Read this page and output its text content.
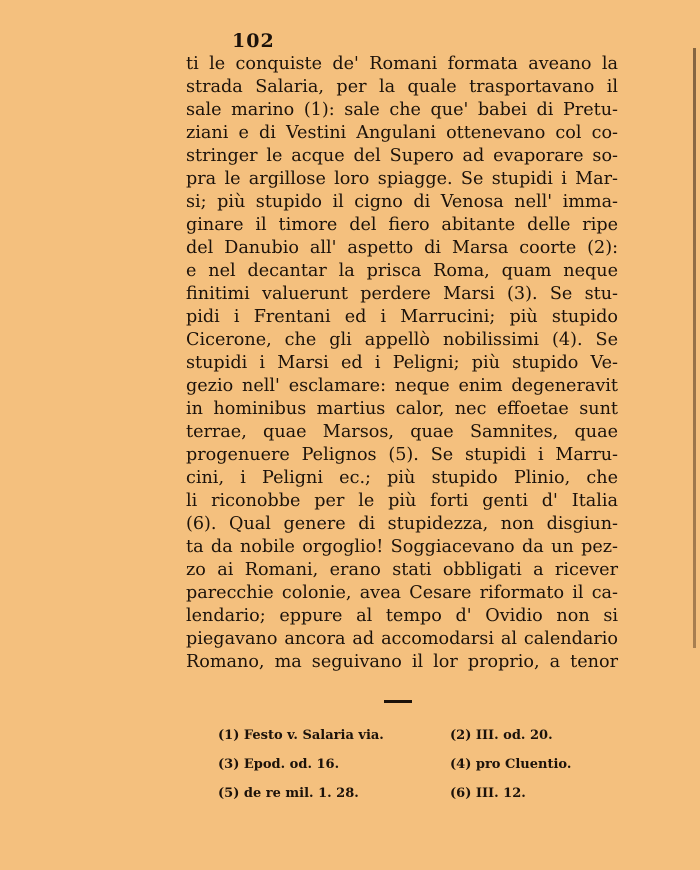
102
ti le conquiste de' Romani formata aveano la
strada Salaria, per la quale trasportavano il
sale marino (1): sale che que' babei di Pretu-
ziani e di Vestini Angulani ottenevano col co-
stringer le acque del Supero ad evaporare so-
pra le argillose loro spiagge. Se stupidi i Mar-
si; più stupido il cigno di Venosa nell' imma-
ginare il timore del fiero abitante delle ripe
del Danubio all' aspetto di Marsa coorte (2):
e nel decantar la prisca Roma, quam neque
finitimi valuerunt perdere Marsi (3). Se stu-
pidi i Frentani ed i Marrucini; più stupido
Cicerone, che gli appellò nobilissimi (4). Se
stupidi i Marsi ed i Peligni; più stupido Ve-
gezio nell' esclamare: neque enim degeneravit
in hominibus martius calor, nec effoetae sunt
terrae, quae Marsos, quae Samnites, quae
progenuere Pelignos (5). Se stupidi i Marru-
cini, i Peligni ec.; più stupido Plinio, che
li riconobbe per le più forti genti d' Italia
(6). Qual genere di stupidezza, non disgiun-
ta da nobile orgoglio! Soggiacevano da un pez-
zo ai Romani, erano stati obbligati a ricever
parecchie colonie, avea Cesare riformato il ca-
lendario; eppure al tempo d' Ovidio non si
piegavano ancora ad accomodarsi al calendario
Romano, ma seguivano il lor proprio, a tenor
(1) Festo v. Salaria via.	(2) III. od. 20.
(3) Epod. od. 16.	(4) pro Cluentio.
(5) de re mil. 1. 28.	(6) III. 12.
